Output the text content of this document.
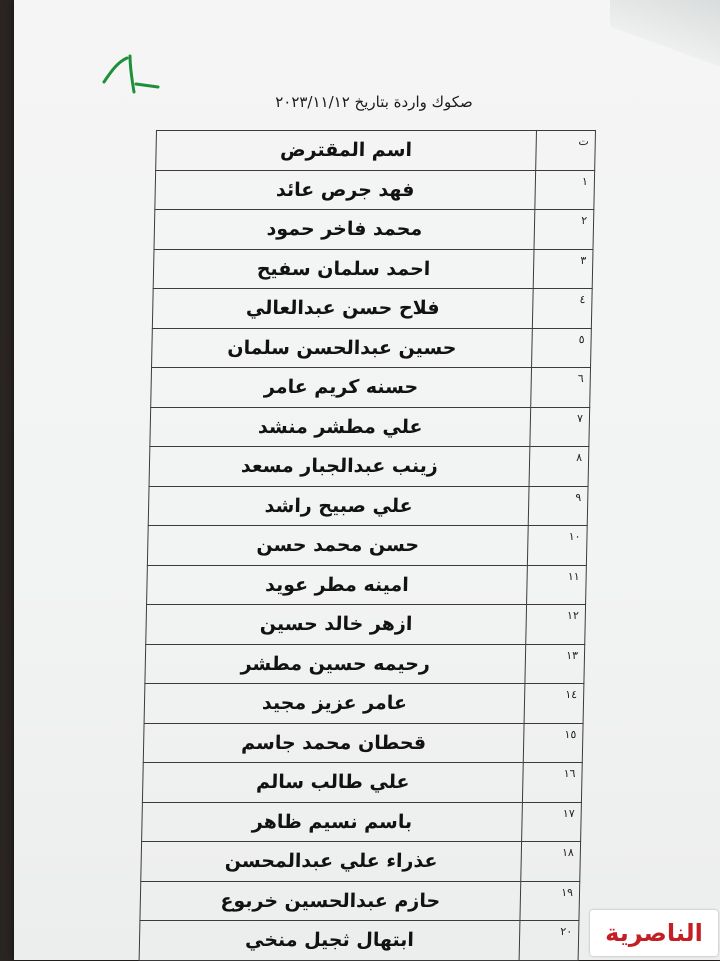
صكوك واردة بتاريخ ٢٠٢٣/١١/١٢
ت	اسم المقترض
١	فهد جرص عائد
٢	محمد فاخر حمود
٣	احمد سلمان سفيح
٤	فلاح حسن عبدالعالي
٥	حسين عبدالحسن سلمان
٦	حسنه كريم عامر
٧	علي مطشر منشد
٨	زينب عبدالجبار مسعد
٩	علي صبيح راشد
١٠	حسن محمد حسن
١١	امينه مطر عويد
١٢	ازهر خالد حسين
١٣	رحيمه حسين مطشر
١٤	عامر عزيز مجيد
١٥	قحطان محمد جاسم
١٦	علي طالب سالم
١٧	باسم نسيم ظاهر
١٨	عذراء علي عبدالمحسن
١٩	حازم عبدالحسين خربوع
٢٠	ابتهال ثجيل منخي	الناصرية
